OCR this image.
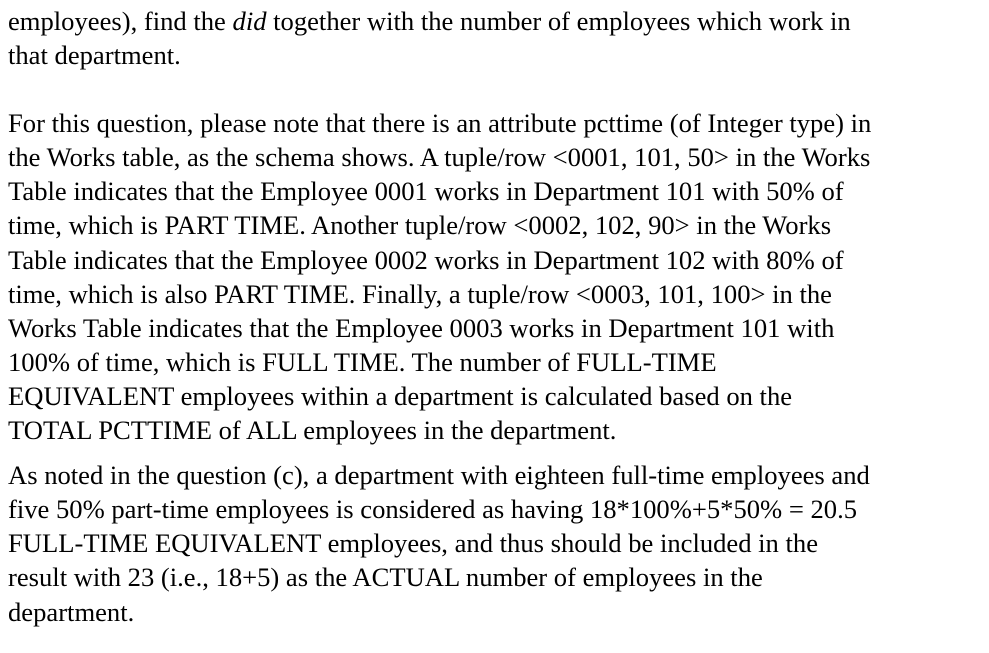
employees), find the did together with the number of employees which work in
that department.
For this question, please note that there is an attribute pcttime (of Integer type) in
the Works table, as the schema shows. A tuple/row <0001, 101, 50> in the Works
Table indicates that the Employee 0001 works in Department 101 with 50% of
time, which is PART TIME. Another tuple/row <0002, 102, 90> in the Works
Table indicates that the Employee 0002 works in Department 102 with 80% of
time, which is also PART TIME. Finally, a tuple/row <0003, 101, 100> in the
Works Table indicates that the Employee 0003 works in Department 101 with
100% of time, which is FULL TIME. The number of FULL-TIME
EQUIVALENT employees within a department is calculated based on the
TOTAL PCTTIME of ALL employees in the department.
As noted in the question (c), a department with eighteen full-time employees and
five 50% part-time employees is considered as having 18*100%+5*50% = 20.5
FULL-TIME EQUIVALENT employees, and thus should be included in the
result with 23 (i.e., 18+5) as the ACTUAL number of employees in the
department.
